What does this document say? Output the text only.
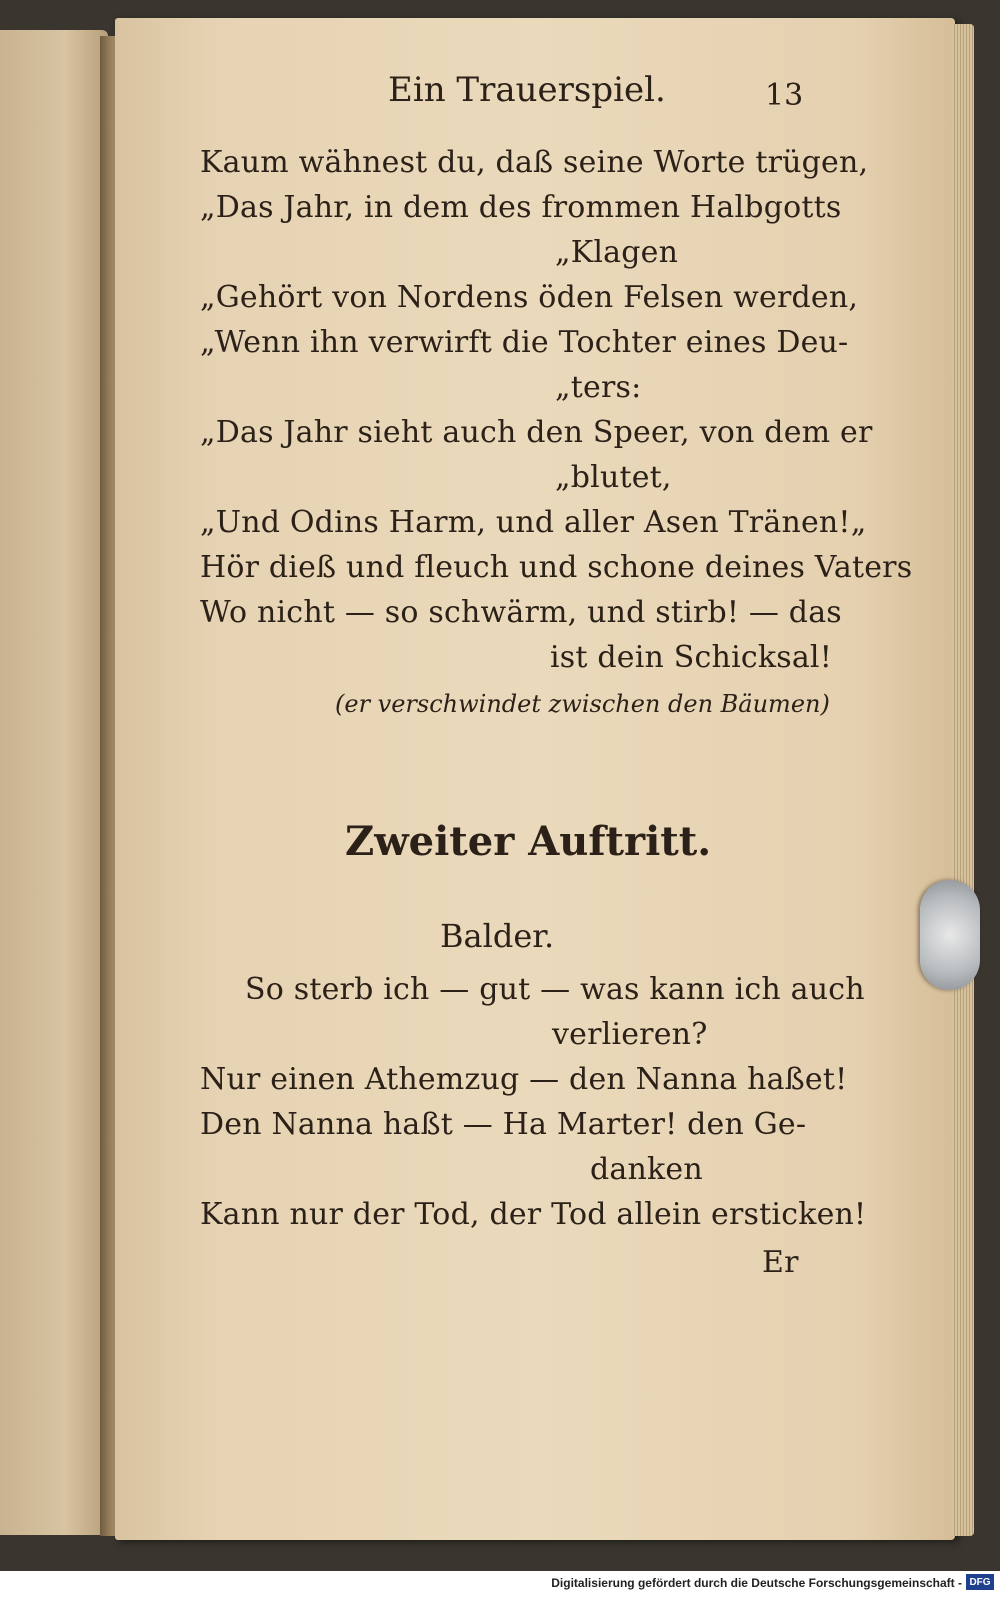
Ein Trauerspiel.	13
Kaum wähnest du, daß seine Worte trügen,
„Das Jahr, in dem des frommen Halbgotts
„Klagen
„Gehört von Nordens öden Felsen werden,
„Wenn ihn verwirft die Tochter eines Deu-
„ters:
„Das Jahr sieht auch den Speer, von dem er
„blutet,
„Und Odins Harm, und aller Asen Tränen!„
Hör dieß und fleuch und schone deines Vaters
Wo nicht — so schwärm, und stirb! — das
ist dein Schicksal!
(er verschwindet zwischen den Bäumen)
Zweiter Auftritt.
Balder.
So sterb ich — gut — was kann ich auch
verlieren?
Nur einen Athemzug — den Nanna haßet!
Den Nanna haßt — Ha Marter! den Ge-
danken
Kann nur der Tod, der Tod allein ersticken!
Er
Digitalisierung gefördert durch die Deutsche Forschungsgemeinschaft - DFG
